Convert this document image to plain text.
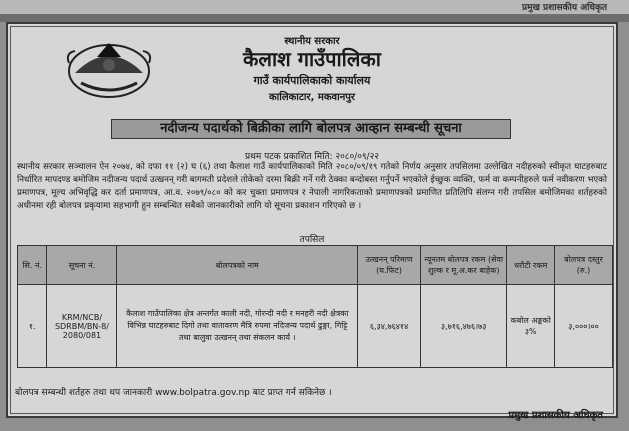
प्रमुख प्रशासकीय अधिकृत
स्थानीय सरकार
कैलाश गाउँपालिका
गाउँ कार्यपालिकाको कार्यालय
कालिकाटार, मकवानपुर
नदीजन्य पदार्थको बिक्रीका लागि बोलपत्र आव्हान सम्बन्धी सूचना
प्रथम पटक प्रकाशित मिति: २०८०/०९/२२
स्थानीय सरकार सञ्चालन ऐन २०७४, को दफा ११ (२) घ (६) तथा कैलाश गाउँ कार्यपालिकाको मिति २०८०/०९/१९ गतेको निर्णय अनुसार तपसिलमा उल्लेखित नदीहरुको स्वीकृत घाटहरुबाट निर्धारित मापदण्ड बमोजिम नदीजन्य पदार्थ उत्खनन् गरी बागमती प्रदेशले तोकेको दरमा बिक्री गर्ने गरी ठेक्का बन्दोबस्त गर्नुपर्ने भएकोले ईच्छुक व्यक्ति, फर्म वा कम्पनीहरुले फर्म नवीकरण भएको प्रमाणपत्र, मूल्य अभिवृद्धि कर दर्ता प्रमाणपत्र, आ.व. २०७९/०८० को कर चुक्ता प्रमाणपत्र र नेपाली नागरिकताको प्रमाणपत्रको प्रमाणित प्रतिलिपि संलग्न गरी तपसिल बमोजिमका शर्तहरुको अधीनमा रही बोलपत्र प्रकृयामा सहभागी हुन सम्बन्धित सबैको जानकारीको लागि यो सूचना प्रकाशन गरिएको छ ।
तपसिल
सि. नं.	सूचना नं.	बोलपत्रको नाम	उत्खनन् परिमाण (घ.फिट)	न्यूनतम बोलपत्र रकम (सेवा शुल्क र मू.अ.कर बाहेक)	धरौटी रकम	बोलपत्र दस्तुर (रु.)
१.	KRM/NCB/ SDRBM/BN-8/ 2080/081	कैलाश गाउँपालिका क्षेत्र अन्तर्गत काली नदी, गोरन्दी नदी र मनहरी नदी क्षेत्रका विभिन्न घाटहरुबाट दिगो तथा वातावरण मैत्रि रुपमा नदिजन्य पदार्थ ढुङ्गा, गिट्टि तथा बालुवा उत्खनन् तथा संकलन कार्य ।	६,३४,७६४१४	३,७१६,४७६।७३	कबोल अङ्कको ३%	३,०००।००
बोलपत्र सम्बन्धी शर्तहरु तथा थप जानकारी www.bolpatra.gov.np बाट प्राप्त गर्न सकिनेछ ।
प्रमुख प्रशासकीय अधिकृत
